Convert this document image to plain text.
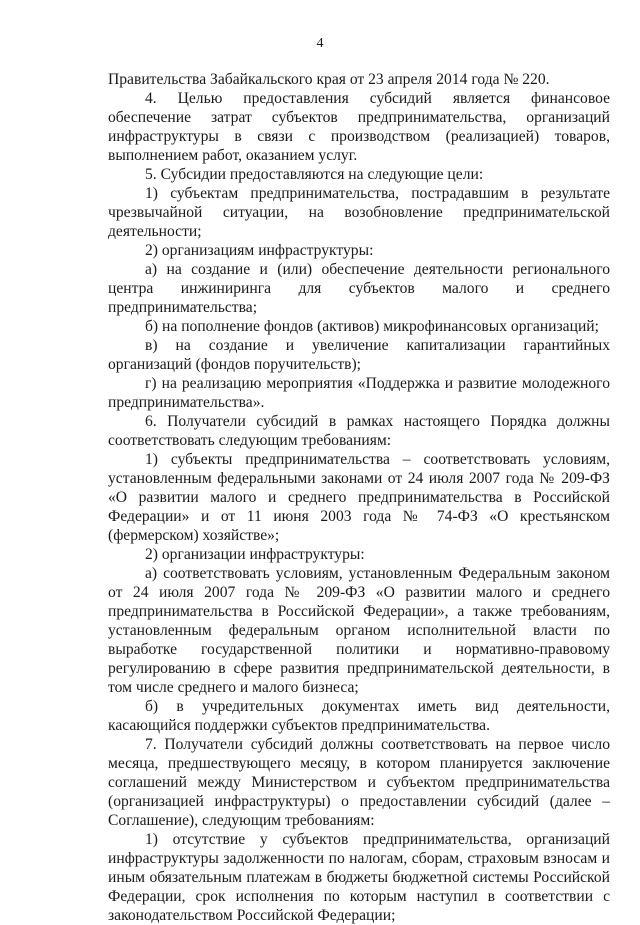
4

Правительства Забайкальского края от 23 апреля 2014 года № 220.

4. Целью предоставления субсидий является финансовое обеспечение затрат субъектов предпринимательства, организаций инфраструктуры в связи с производством (реализацией) товаров, выполнением работ, оказанием услуг.

5. Субсидии предоставляются на следующие цели:

1) субъектам предпринимательства, пострадавшим в результате чрезвычайной ситуации, на возобновление предпринимательской деятельности;

2) организациям инфраструктуры:

а) на создание и (или) обеспечение деятельности регионального центра инжиниринга для субъектов малого и среднего предпринимательства;

б) на пополнение фондов (активов) микрофинансовых организаций;

в) на создание и увеличение капитализации гарантийных организаций (фондов поручительств);

г) на реализацию мероприятия «Поддержка и развитие молодежного предпринимательства».

6. Получатели субсидий в рамках настоящего Порядка должны соответствовать следующим требованиям:

1) субъекты предпринимательства – соответствовать условиям, установленным федеральными законами от 24 июля 2007 года № 209-ФЗ «О развитии малого и среднего предпринимательства в Российской Федерации» и от 11 июня 2003 года № 74-ФЗ «О крестьянском (фермерском) хозяйстве»;

2) организации инфраструктуры:

а) соответствовать условиям, установленным Федеральным законом от 24 июля 2007 года № 209-ФЗ «О развитии малого и среднего предпринимательства в Российской Федерации», а также требованиям, установленным федеральным органом исполнительной власти по выработке государственной политики и нормативно-правовому регулированию в сфере развития предпринимательской деятельности, в том числе среднего и малого бизнеса;

б) в учредительных документах иметь вид деятельности, касающийся поддержки субъектов предпринимательства.

7. Получатели субсидий должны соответствовать на первое число месяца, предшествующего месяцу, в котором планируется заключение соглашений между Министерством и субъектом предпринимательства (организацией инфраструктуры) о предоставлении субсидий (далее – Соглашение), следующим требованиям:

1) отсутствие у субъектов предпринимательства, организаций инфраструктуры задолженности по налогам, сборам, страховым взносам и иным обязательным платежам в бюджеты бюджетной системы Российской Федерации, срок исполнения по которым наступил в соответствии с законодательством Российской Федерации;
